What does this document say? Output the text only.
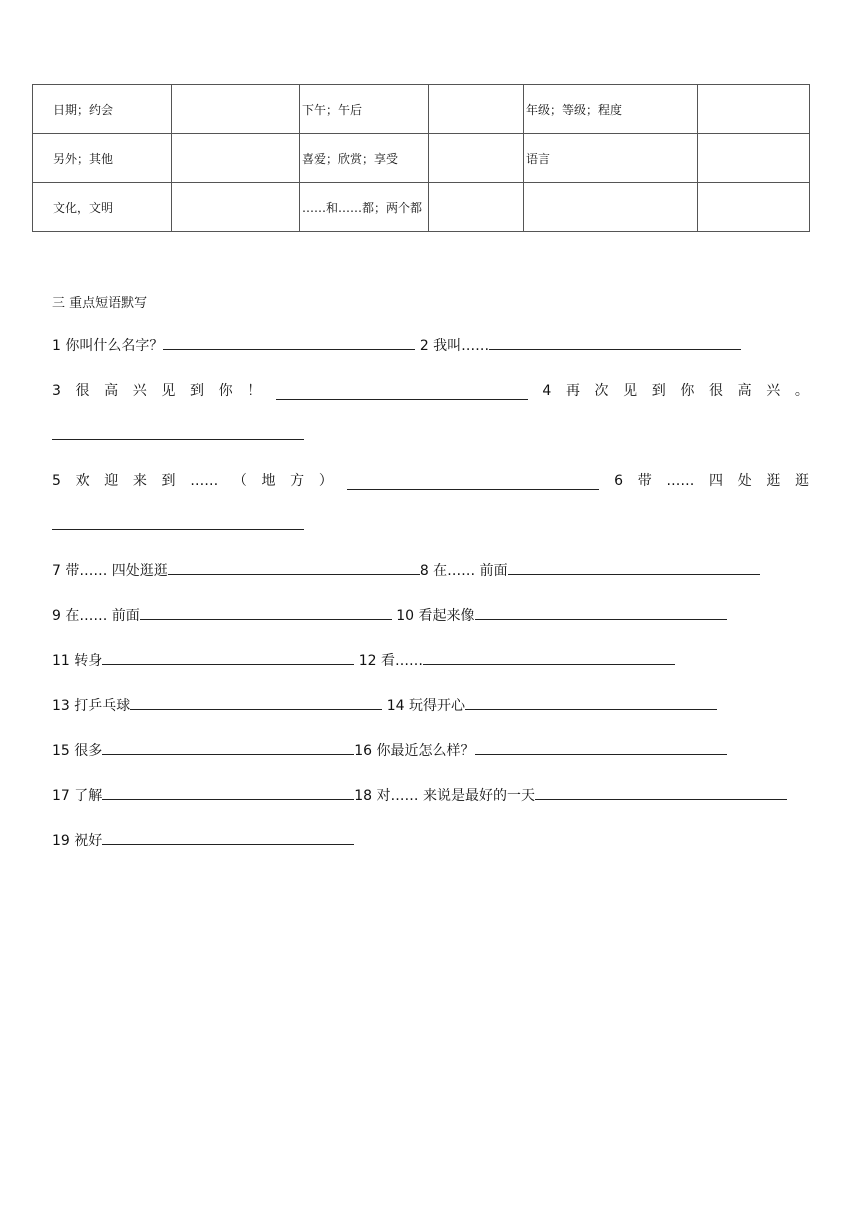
日期；约会		下午；午后		年级；等级；程度	
另外；其他		喜爱；欣赏；享受		语言	
文化，文明		……和……都；两个都			
三 重点短语默写
1 你叫什么名字？	2 我叫……
3 很 高 兴 见 到 你 ！	4 再 次 见 到 你 很 高 兴 。
5 欢 迎 来 到 …… （ 地 方 ）	6 带 …… 四 处 逛 逛
7 带…… 四处逛逛	8 在…… 前面
9 在…… 前面	10 看起来像
11 转身	12 看……
13 打乒乓球	14 玩得开心
15 很多	16 你最近怎么样？
17 了解	18 对…… 来说是最好的一天
19 祝好
